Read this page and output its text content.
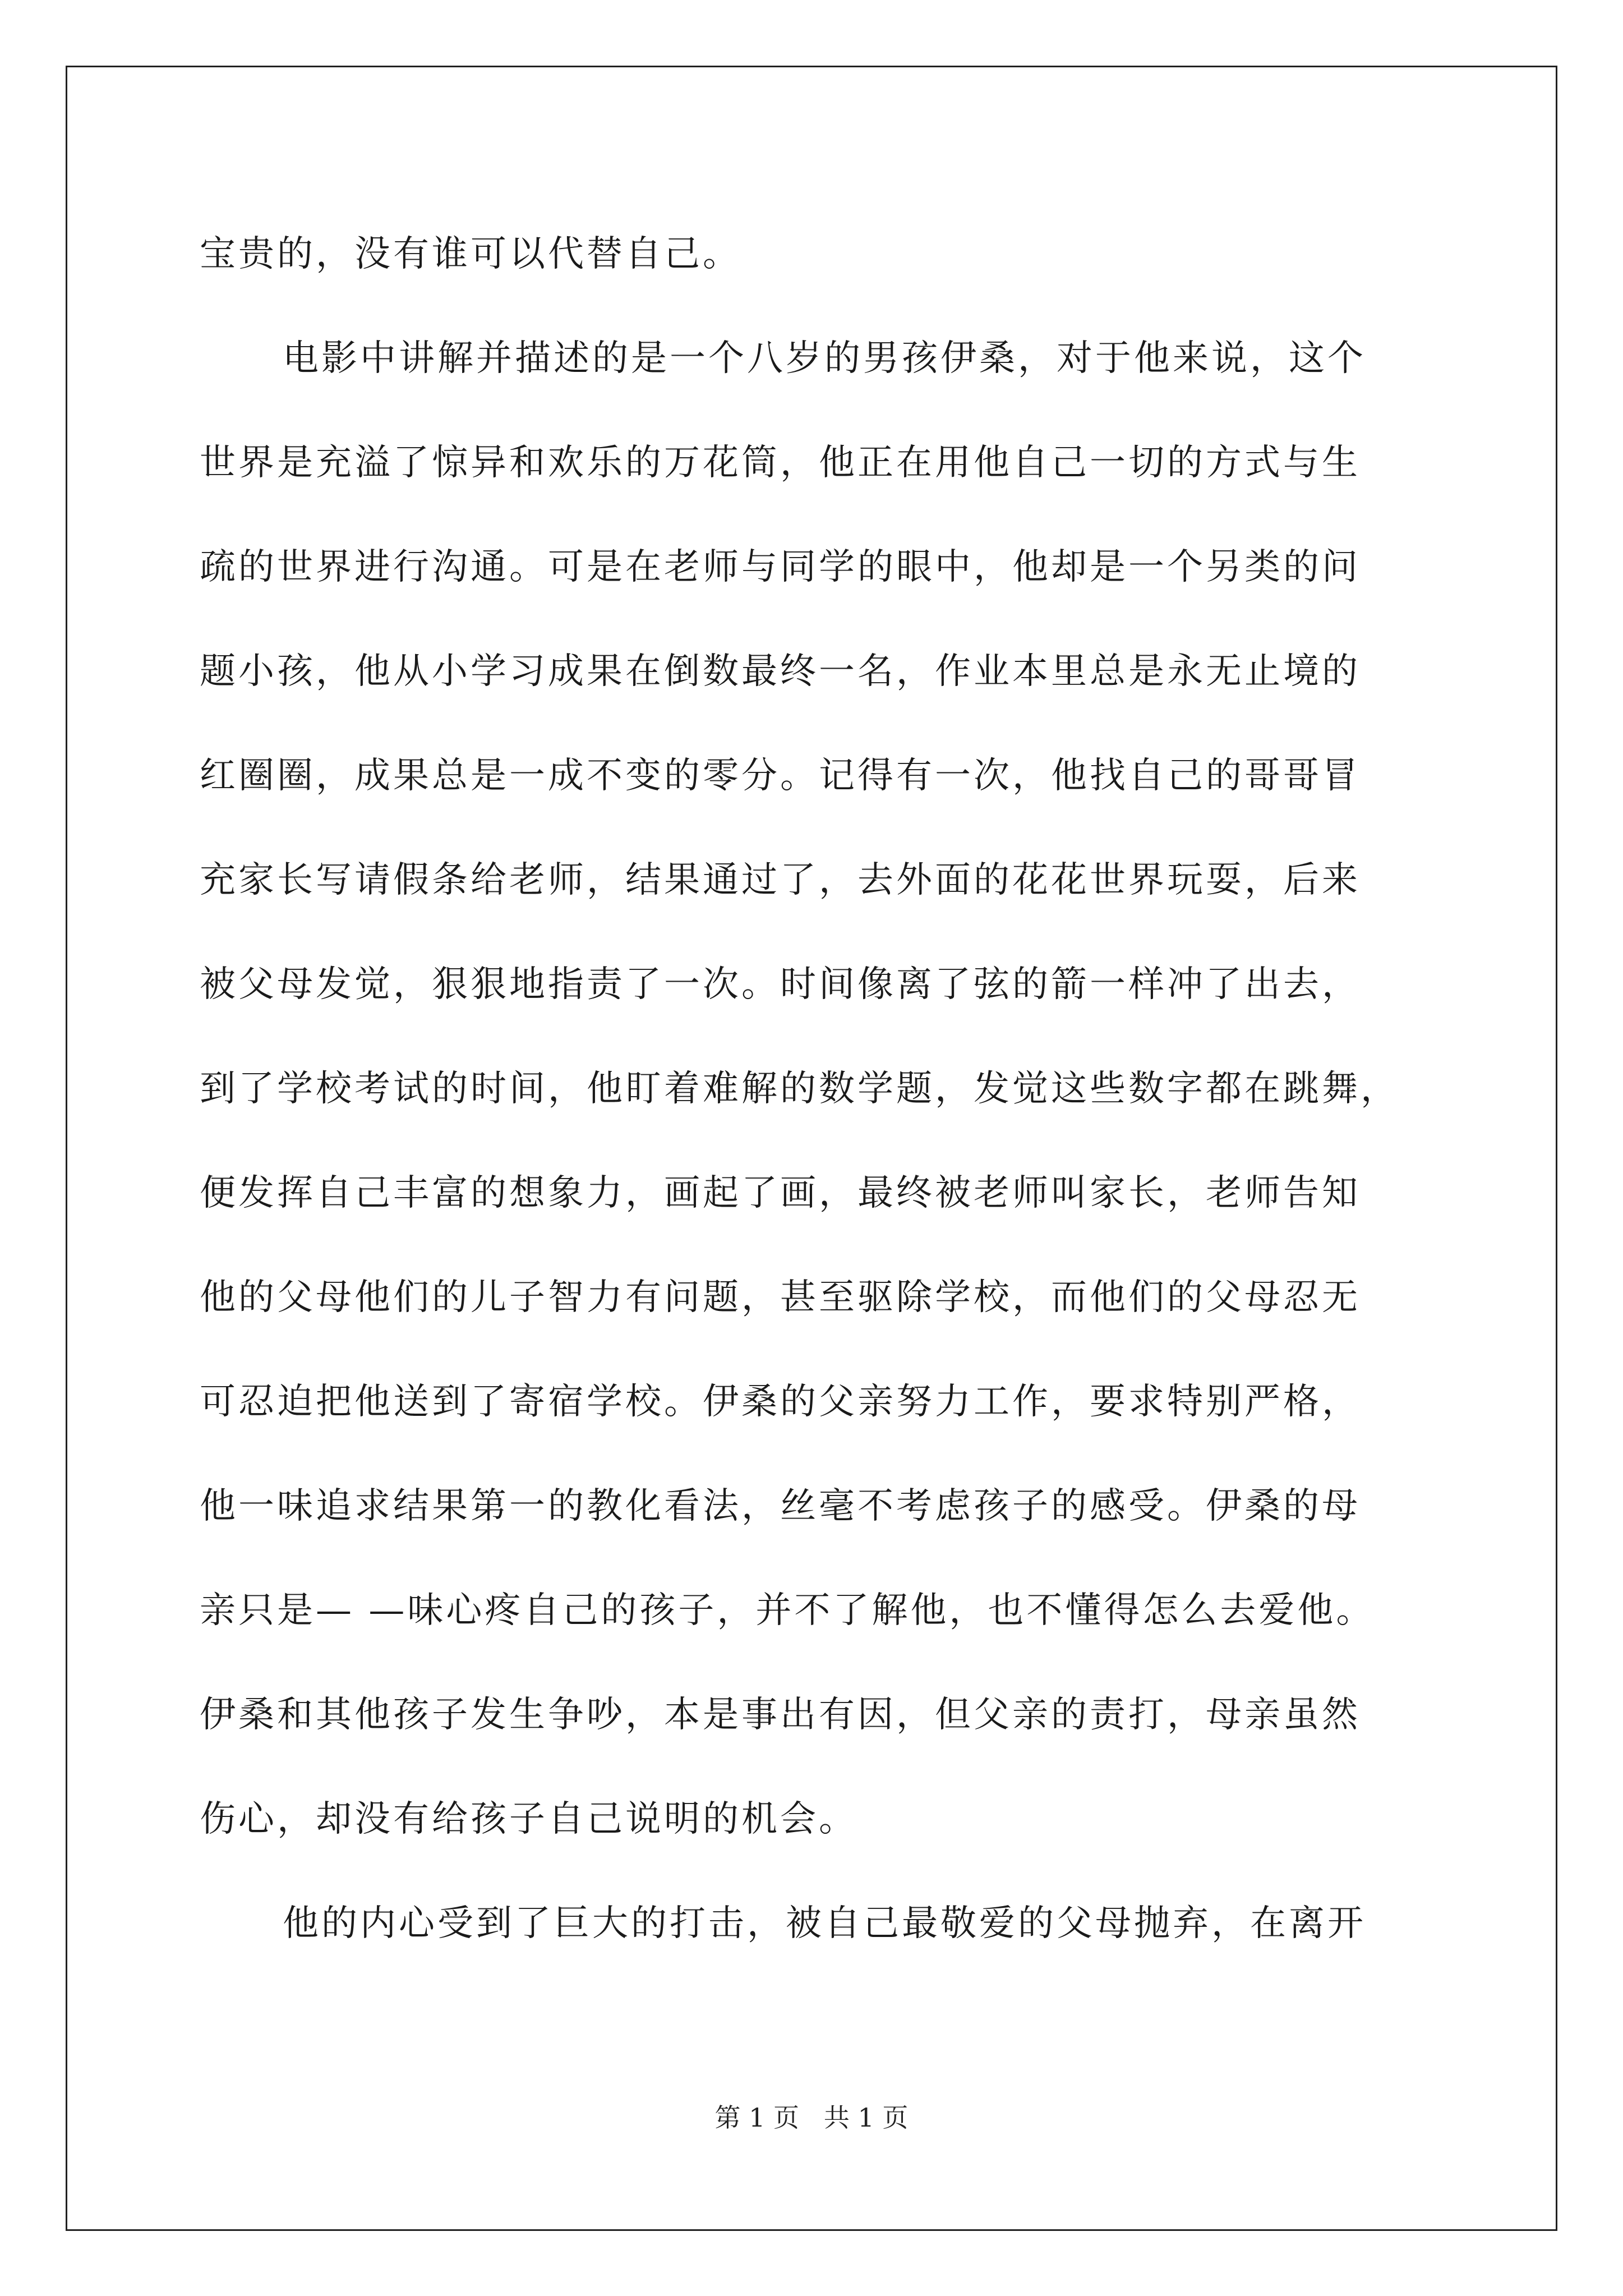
宝贵的，没有谁可以代替自己。
电影中讲解并描述的是一个八岁的男孩伊桑，对于他来说，这个
世界是充溢了惊异和欢乐的万花筒，他正在用他自己一切的方式与生
疏的世界进行沟通。可是在老师与同学的眼中，他却是一个另类的问
题小孩，他从小学习成果在倒数最终一名，作业本里总是永无止境的
红圈圈，成果总是一成不变的零分。记得有一次，他找自己的哥哥冒
充家长写请假条给老师，结果通过了，去外面的花花世界玩耍，后来
被父母发觉，狠狠地指责了一次。时间像离了弦的箭一样冲了出去，
到了学校考试的时间，他盯着难解的数学题，发觉这些数字都在跳舞，
便发挥自己丰富的想象力，画起了画，最终被老师叫家长，老师告知
他的父母他们的儿子智力有问题，甚至驱除学校，而他们的父母忍无
可忍迫把他送到了寄宿学校。伊桑的父亲努力工作，要求特别严格，
他一味追求结果第一的教化看法，丝毫不考虑孩子的感受。伊桑的母
亲只是— —味心疼自己的孩子，并不了解他，也不懂得怎么去爱他。
伊桑和其他孩子发生争吵，本是事出有因，但父亲的责打，母亲虽然
伤心，却没有给孩子自己说明的机会。
他的内心受到了巨大的打击，被自己最敬爱的父母抛弃，在离开
第 1 页   共 1 页
